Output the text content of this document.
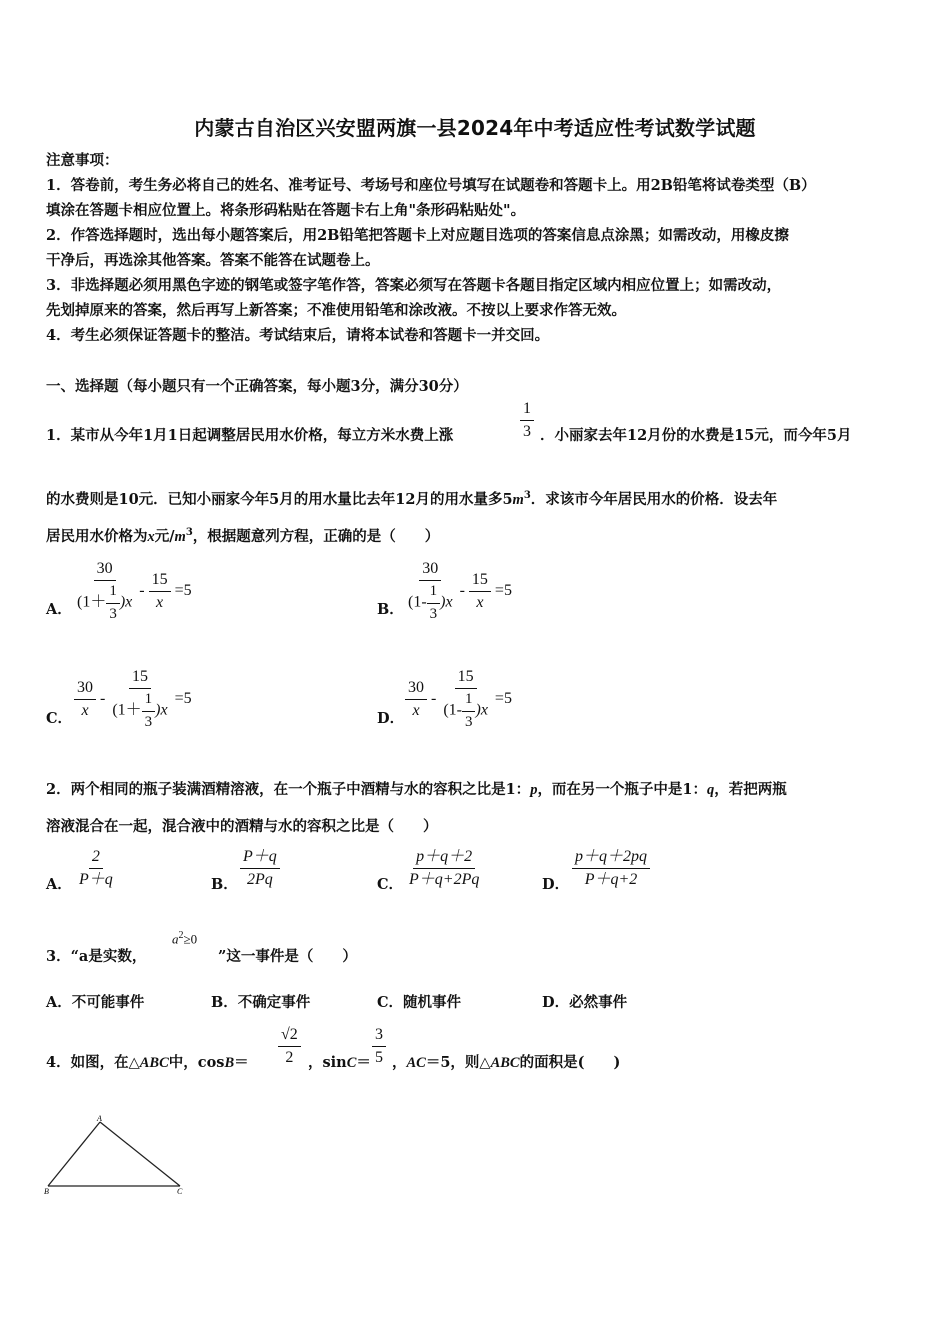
内蒙古自治区兴安盟两旗一县2024年中考适应性考试数学试题
注意事项：
1．答卷前，考生务必将自己的姓名、准考证号、考场号和座位号填写在试题卷和答题卡上。用2B铅笔将试卷类型（B）
填涂在答题卡相应位置上。将条形码粘贴在答题卡右上角"条形码粘贴处"。
2．作答选择题时，选出每小题答案后，用2B铅笔把答题卡上对应题目选项的答案信息点涂黑；如需改动，用橡皮擦
干净后，再选涂其他答案。答案不能答在试题卷上。
3．非选择题必须用黑色字迹的钢笔或签字笔作答，答案必须写在答题卡各题目指定区域内相应位置上；如需改动，
先划掉原来的答案，然后再写上新答案；不准使用铅笔和涂改液。不按以上要求作答无效。
4．考生必须保证答题卡的整洁。考试结束后，请将本试卷和答题卡一并交回。
一、选择题（每小题只有一个正确答案，每小题3分，满分30分）
1．某市从今年1月1日起调整居民用水价格，每立方米水费上涨	$\frac{1}{3}$ ．小丽家去年12月份的水费是15元，而今年5月
的水费则是10元．已知小丽家今年5月的用水量比去年12月的用水量多$5m^3$．求该市今年居民用水的价格．设去年
居民用水价格为x元$/m^3$，根据题意列方程，正确的是（　　）
A． $\frac{30}{(1+ \frac{1}{3} )x} - \frac{15}{x} =5$
B． $\frac{30}{(1- \frac{1}{3} )x} - \frac{15}{x} =5$
C． $\frac{30}{x} - \frac{15}{(1+ \frac{1}{3} )x} =5$
D． $\frac{30}{x} - \frac{15}{(1- \frac{1}{3} )x} =5$
2．两个相同的瓶子装满酒精溶液，在一个瓶子中酒精与水的容积之比是1：p，而在另一个瓶子中是1：q，若把两瓶
溶液混合在一起，混合液中的酒精与水的容积之比是（　　）
A． $\frac{2}{P+q}$	B． $\frac{P+q}{2Pq}$	C． $\frac{p+q+2}{P+q+2Pq}$	D． $\frac{p+q+2pq}{P+q+2}$
3．“a是实数，
$a^2\ge 0$
”这一事件是（　　）
A．不可能事件	B．不确定事件	C．随机事件	D．必然事件
4．如图，在△ABC中，$\cos B= \frac{√2}{2}$ ，$\sin C= \frac{3}{5}$ ，AC＝5，则△ABC的面积是(　　)
A
B	C
